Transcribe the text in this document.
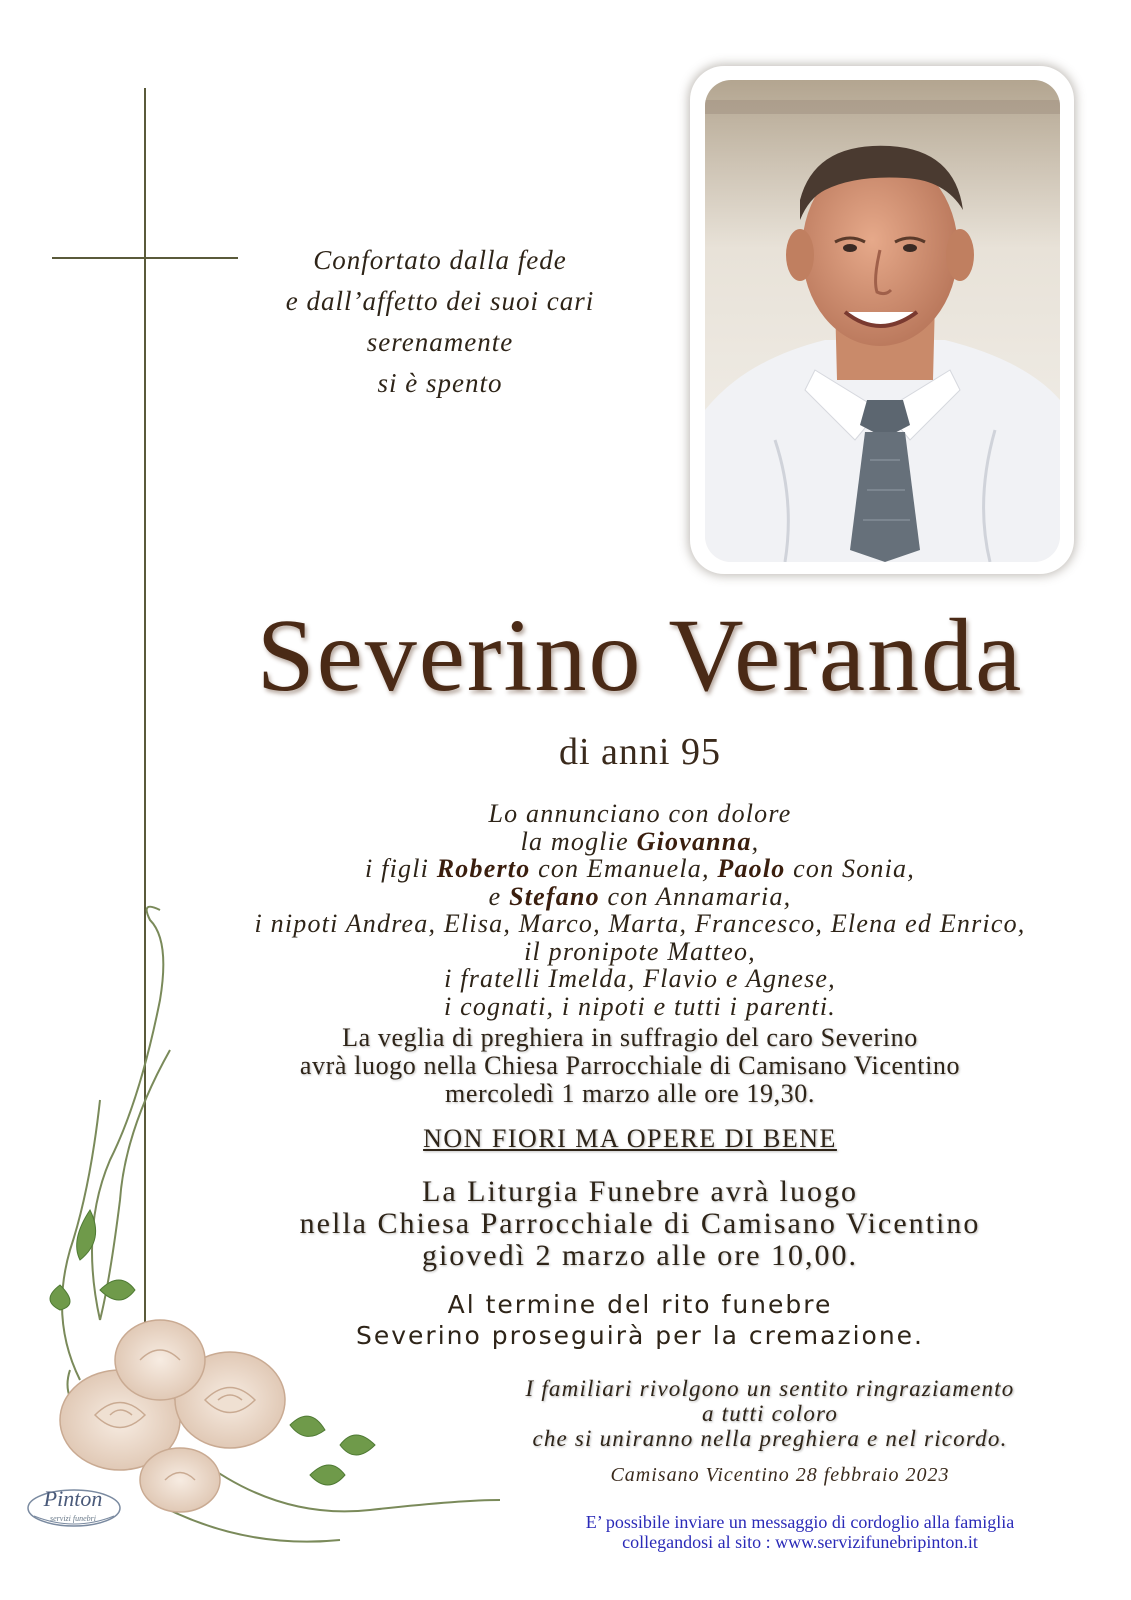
Confortato dalla fede
e dall’affetto dei suoi cari
serenamente
si è spento
Severino Veranda
di anni 95
Lo annunciano con dolore
la moglie Giovanna,
i figli Roberto con Emanuela, Paolo con Sonia,
e Stefano con Annamaria,
i nipoti Andrea, Elisa, Marco, Marta, Francesco, Elena ed Enrico,
il pronipote Matteo,
i fratelli Imelda, Flavio e Agnese,
i cognati, i nipoti e tutti i parenti.
La veglia di preghiera in suffragio del caro Severino
avrà luogo nella Chiesa Parrocchiale di Camisano Vicentino
mercoledì 1 marzo alle ore 19,30.
NON FIORI MA OPERE DI BENE
La Liturgia Funebre avrà luogo
nella Chiesa Parrocchiale di Camisano Vicentino
giovedì 2 marzo alle ore 10,00.
Al termine del rito funebre
Severino proseguirà per la cremazione.
I familiari rivolgono un sentito ringraziamento
a tutti coloro
che si uniranno nella preghiera e nel ricordo.
Camisano Vicentino 28 febbraio 2023
E’ possibile inviare un messaggio di cordoglio alla famiglia
collegandosi al sito : www.servizifunebripinton.it
Pinton
servizi funebri
